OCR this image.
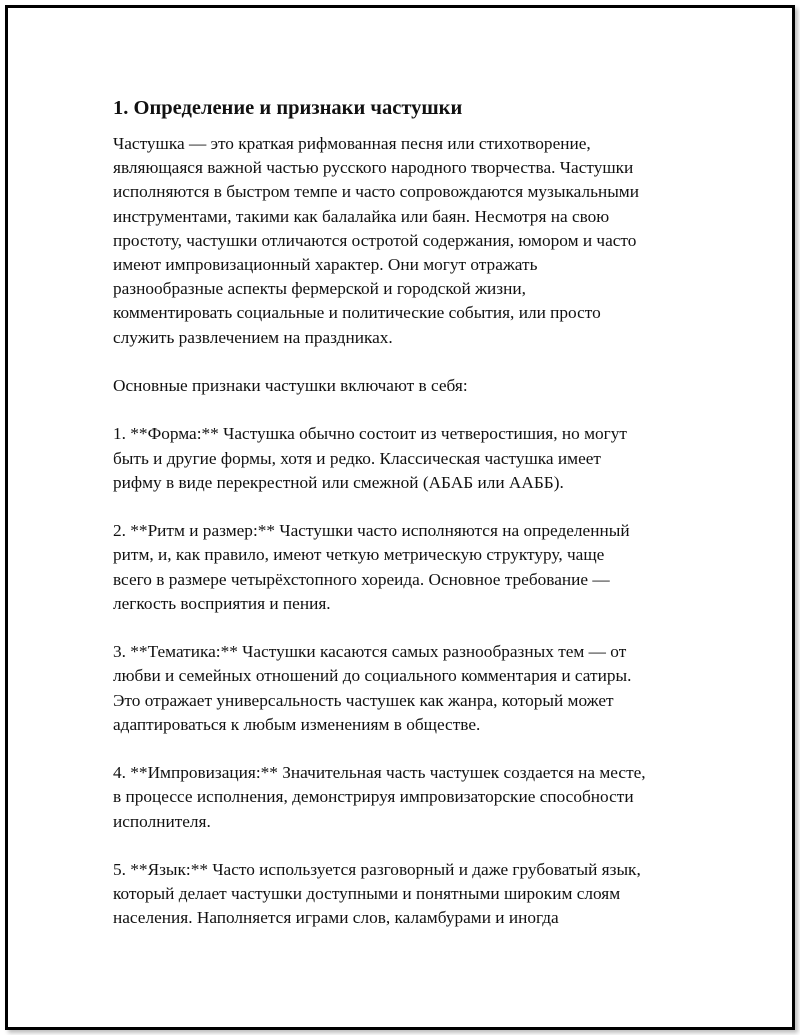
1. Определение и признаки частушки

Частушка — это краткая рифмованная песня или стихотворение,
являющаяся важной частью русского народного творчества. Частушки
исполняются в быстром темпе и часто сопровождаются музыкальными
инструментами, такими как балалайка или баян. Несмотря на свою
простоту, частушки отличаются остротой содержания, юмором и часто
имеют импровизационный характер. Они могут отражать
разнообразные аспекты фермерской и городской жизни,
комментировать социальные и политические события, или просто
служить развлечением на праздниках.

Основные признаки частушки включают в себя:

1. **Форма:** Частушка обычно состоит из четверостишия, но могут
быть и другие формы, хотя и редко. Классическая частушка имеет
рифму в виде перекрестной или смежной (АБАБ или ААББ).

2. **Ритм и размер:** Частушки часто исполняются на определенный
ритм, и, как правило, имеют четкую метрическую структуру, чаще
всего в размере четырёхстопного хореида. Основное требование —
легкость восприятия и пения.

3. **Тематика:** Частушки касаются самых разнообразных тем — от
любви и семейных отношений до социального комментария и сатиры.
Это отражает универсальность частушек как жанра, который может
адаптироваться к любым изменениям в обществе.

4. **Импровизация:** Значительная часть частушек создается на месте,
в процессе исполнения, демонстрируя импровизаторские способности
исполнителя.

5. **Язык:** Часто используется разговорный и даже грубоватый язык,
который делает частушки доступными и понятными широким слоям
населения. Наполняется играми слов, каламбурами и иногда
